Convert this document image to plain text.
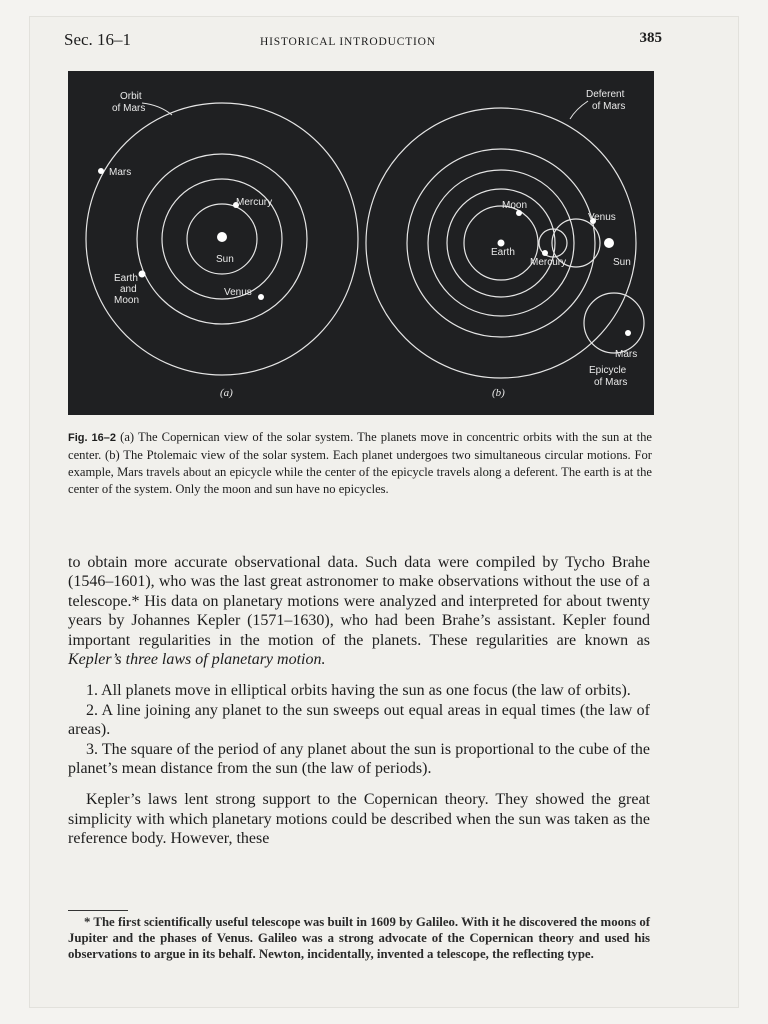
Sec. 16–1	HISTORICAL INTRODUCTION	385
Orbit
of Mars
Mars
Mercury
Sun
Venus
Earth
and
Moon
(a)
Deferent
of Mars
Moon
Earth
Mercury
Venus
Sun
Mars
Epicycle
of Mars
(b)
Fig. 16–2 (a) The Copernican view of the solar system. The planets move in concentric orbits with the sun at the center. (b) The Ptolemaic view of the solar system. Each planet undergoes two simultaneous circular motions. For example, Mars travels about an epicycle while the center of the epicycle travels along a deferent. The earth is at the center of the system. Only the moon and sun have no epicycles.

to obtain more accurate observational data. Such data were compiled by Tycho Brahe (1546–1601), who was the last great astronomer to make observations without the use of a telescope.* His data on planetary motions were analyzed and interpreted for about twenty years by Johannes Kepler (1571–1630), who had been Brahe’s assistant. Kepler found important regularities in the motion of the planets. These regularities are known as Kepler’s three laws of planetary motion.

1. All planets move in elliptical orbits having the sun as one focus (the law of orbits).

2. A line joining any planet to the sun sweeps out equal areas in equal times (the law of areas).

3. The square of the period of any planet about the sun is proportional to the cube of the planet’s mean distance from the sun (the law of periods).

Kepler’s laws lent strong support to the Copernican theory. They showed the great simplicity with which planetary motions could be described when the sun was taken as the reference body. However, these

* The first scientifically useful telescope was built in 1609 by Galileo. With it he discovered the moons of Jupiter and the phases of Venus. Galileo was a strong advocate of the Copernican theory and used his observations to argue in its behalf. Newton, incidentally, invented a telescope, the reflecting type.
